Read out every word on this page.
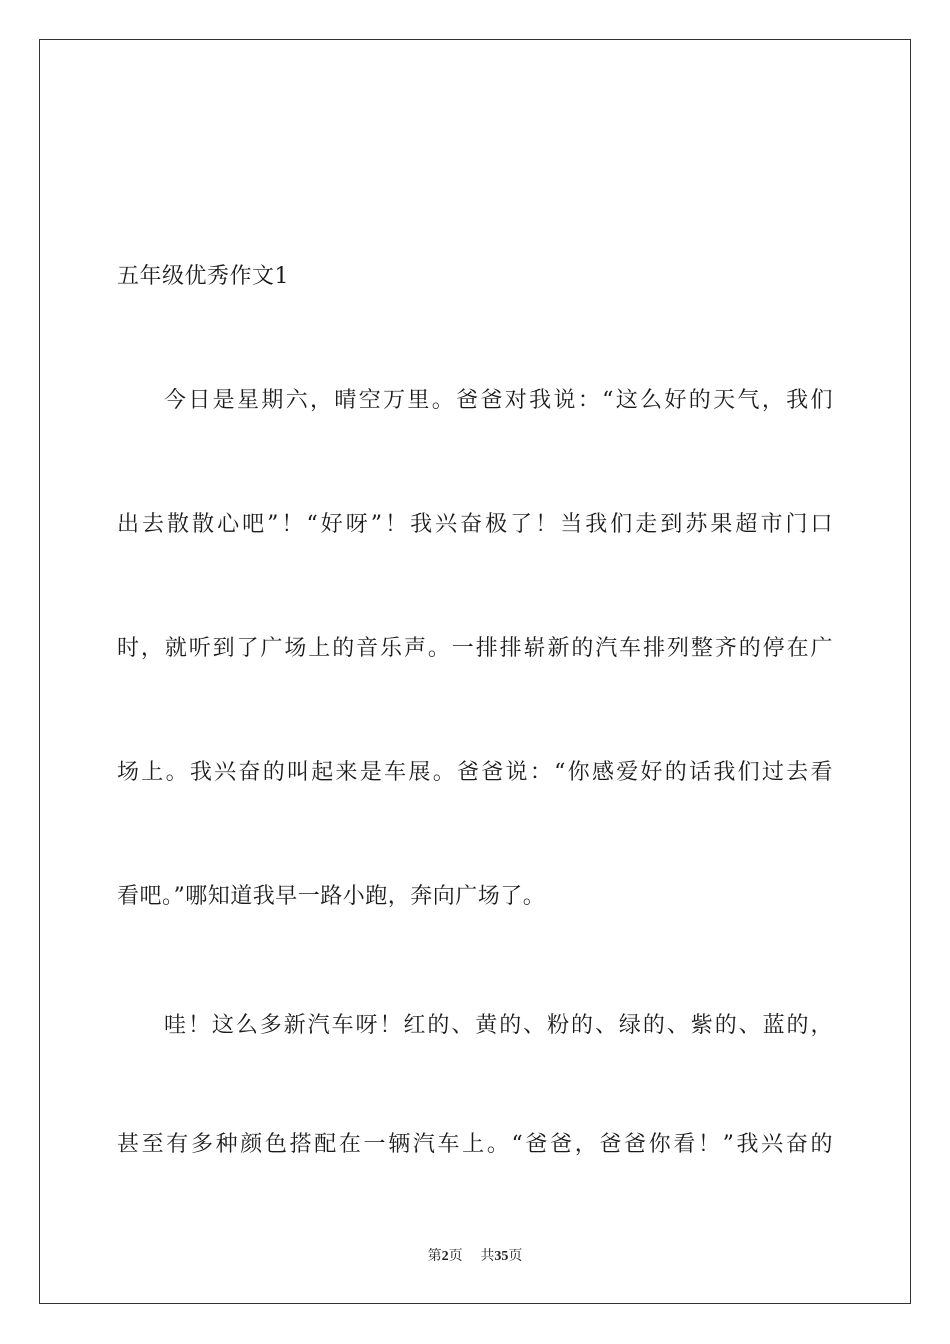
五年级优秀作文1
今日是星期六，晴空万里。爸爸对我说：“这么好的天气，我们
出去散散心吧”！“好呀”！我兴奋极了！当我们走到苏果超市门口
时，就听到了广场上的音乐声。一排排崭新的汽车排列整齐的停在广
场上。我兴奋的叫起来是车展。爸爸说：“你感爱好的话我们过去看
看吧。”哪知道我早一路小跑，奔向广场了。
哇！这么多新汽车呀！红的、黄的、粉的、绿的、紫的、蓝的，
甚至有多种颜色搭配在一辆汽车上。“爸爸，爸爸你看！”我兴奋的
第2页 共35页
